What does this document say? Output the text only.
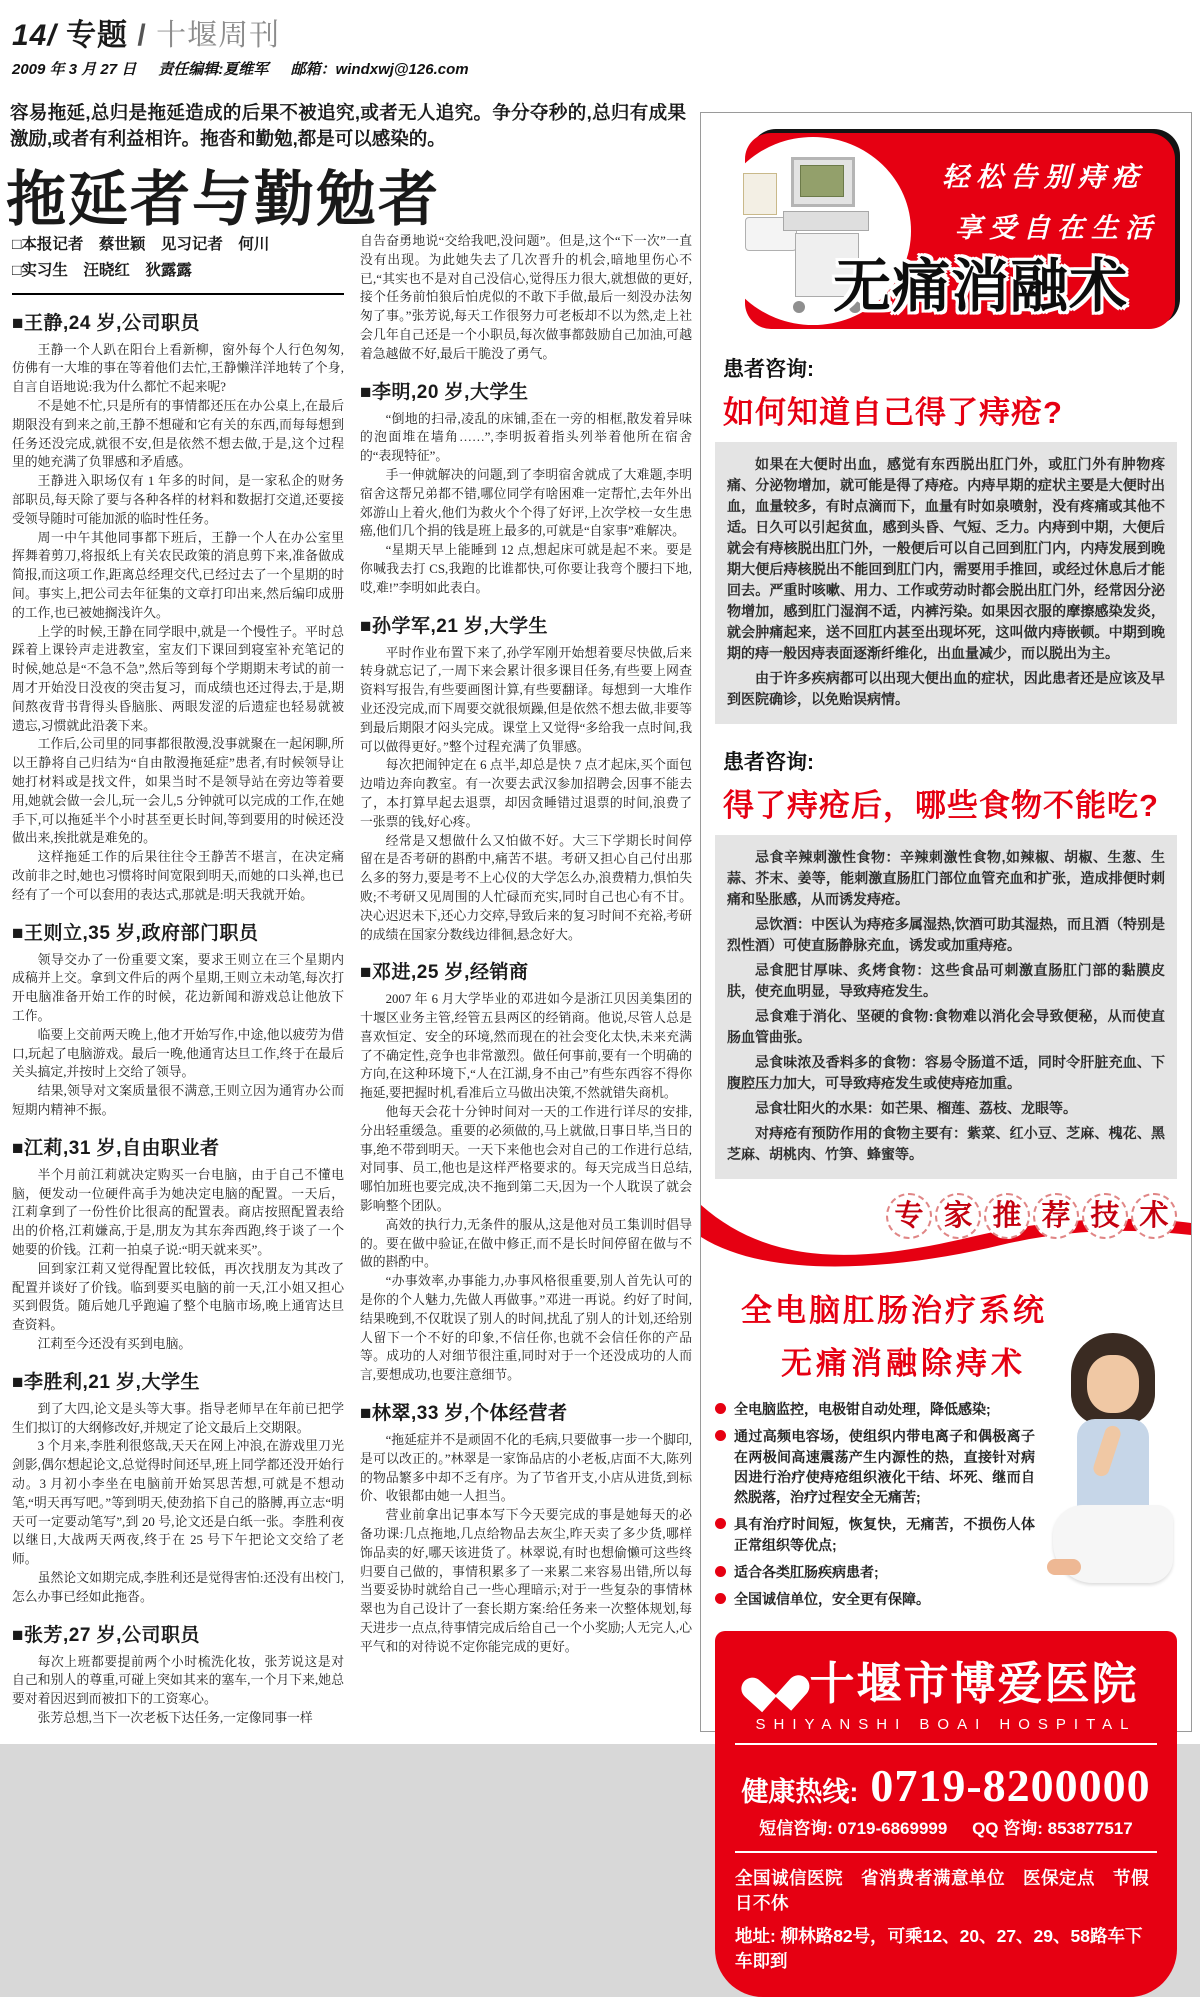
14/ 专题 / 十堰周刊
2009 年 3 月 27 日 责任编辑:夏维军 邮箱：windxwj@126.com
容易拖延,总归是拖延造成的后果不被追究,或者无人追究。争分夺秒的,总归有成果激励,或者有利益相许。拖沓和勤勉,都是可以感染的。
拖延者与勤勉者
□本报记者　蔡世颖　见习记者　何川
□实习生　汪晓红　狄露露
■王静,24 岁,公司职员
王静一个人趴在阳台上看新柳，窗外每个人行色匆匆,仿佛有一大堆的事在等着他们去忙,王静懒洋洋地转了个身,自言自语地说:我为什么都忙不起来呢?
不是她不忙,只是所有的事情都还压在办公桌上,在最后期限没有到来之前,王静不想碰和它有关的东西,而每每想到任务还没完成,就很不安,但是依然不想去做,于是,这个过程里的她充满了负罪感和矛盾感。
王静进入职场仅有 1 年多的时间，是一家私企的财务部职员,每天除了要与各种各样的材料和数据打交道,还要接受领导随时可能加派的临时性任务。
周一中午其他同事都下班后，王静一个人在办公室里挥舞着剪刀,将报纸上有关农民政策的消息剪下来,准备做成简报,而这项工作,距离总经理交代,已经过去了一个星期的时间。事实上,把公司去年征集的文章打印出来,然后编印成册的工作,也已被她搁浅许久。
上学的时候,王静在同学眼中,就是一个慢性子。平时总踩着上课铃声走进教室，室友们下课回到寝室补充笔记的时候,她总是“不急不急”,然后等到每个学期期末考试的前一周才开始没日没夜的突击复习，而成绩也还过得去,于是,期间熬夜背书背得头昏脑胀、两眼发涩的后遗症也轻易就被遗忘,习惯就此沿袭下来。
工作后,公司里的同事都很散漫,没事就聚在一起闲聊,所以王静将自己归结为“自由散漫拖延症”患者,有时候领导让她打材料或是找文件，如果当时不是领导站在旁边等着要用,她就会做一会儿,玩一会儿,5 分钟就可以完成的工作,在她手下,可以拖延半个小时甚至更长时间,等到要用的时候还没做出来,挨批就是难免的。
这样拖延工作的后果往往令王静苦不堪言，在决定痛改前非之时,她也习惯将时间宽限到明天,而她的口头禅,也已经有了一个可以套用的表达式,那就是:明天我就开始。
■王则立,35 岁,政府部门职员
领导交办了一份重要文案，要求王则立在三个星期内成稿并上交。拿到文件后的两个星期,王则立未动笔,每次打开电脑准备开始工作的时候，花边新闻和游戏总让他放下工作。
临要上交前两天晚上,他才开始写作,中途,他以疲劳为借口,玩起了电脑游戏。最后一晚,他通宵达旦工作,终于在最后关头搞定,并按时上交给了领导。
结果,领导对文案质量很不满意,王则立因为通宵办公而短期内精神不振。
■江莉,31 岁,自由职业者
半个月前江莉就决定购买一台电脑，由于自己不懂电脑，便发动一位硬件高手为她决定电脑的配置。一天后，江莉拿到了一份性价比很高的配置表。商店按照配置表给出的价格,江莉嫌高,于是,朋友为其东奔西跑,终于谈了一个她要的价钱。江莉一拍桌子说:“明天就来买”。
回到家江莉又觉得配置比较低，再次找朋友为其改了配置并谈好了价钱。临到要买电脑的前一天,江小姐又担心买到假货。随后她几乎跑遍了整个电脑市场,晚上通宵达旦查资料。
江莉至今还没有买到电脑。
■李胜利,21 岁,大学生
到了大四,论文是头等大事。指导老师早在年前已把学生们拟订的大纲修改好,并规定了论文最后上交期限。
3 个月来,李胜利很悠哉,天天在网上冲浪,在游戏里刀光剑影,偶尔想起论文,总觉得时间还早,班上同学都还没开始行动。3 月初小李坐在电脑前开始冥思苦想,可就是不想动笔,“明天再写吧。”等到明天,使劲掐下自己的胳膊,再立志“明天可一定要动笔写”,到 20 号,论文还是白纸一张。李胜利夜以继日,大战两天两夜,终于在 25 号下午把论文交给了老师。
虽然论文如期完成,李胜利还是觉得害怕:还没有出校门,怎么办事已经如此拖沓。
■张芳,27 岁,公司职员
每次上班都要提前两个小时梳洗化妆，张芳说这是对自己和别人的尊重,可碰上突如其来的塞车,一个月下来,她总要对着因迟到而被扣下的工资寒心。
张芳总想,当下一次老板下达任务,一定像同事一样
自告奋勇地说“交给我吧,没问题”。但是,这个“下一次”一直没有出现。为此她失去了几次晋升的机会,暗地里伤心不已,“其实也不是对自己没信心,觉得压力很大,就想做的更好,接个任务前怕狼后怕虎似的不敢下手做,最后一刻没办法匆匆了事。”张芳说,每天工作很努力可老板却不以为然,走上社会几年自己还是一个小职员,每次做事都鼓励自己加油,可越着急越做不好,最后干脆没了勇气。
■李明,20 岁,大学生
“倒地的扫帚,凌乱的床铺,歪在一旁的相框,散发着异味的泡面堆在墙角……”,李明扳着指头列举着他所在宿舍的“表现特征”。
手一伸就解决的问题,到了李明宿舍就成了大难题,李明宿舍这帮兄弟都不错,哪位同学有啥困难一定帮忙,去年外出郊游山上着火,他们为救火个个得了好评,上次学校一女生患癌,他们几个捐的钱是班上最多的,可就是“自家事”难解决。
“星期天早上能睡到 12 点,想起床可就是起不来。要是你喊我去打 CS,我跑的比谁都快,可你要让我弯个腰扫下地,哎,难!”李明如此表白。
■孙学军,21 岁,大学生
平时作业布置下来了,孙学军刚开始想着要尽快做,后来转身就忘记了,一周下来会累计很多课目任务,有些要上网查资料写报告,有些要画图计算,有些要翻译。每想到一大堆作业还没完成,而下周要交就很烦躁,但是依然不想去做,非要等到最后期限才闷头完成。课堂上又觉得“多给我一点时间,我可以做得更好。”整个过程充满了负罪感。
每次把闹钟定在 6 点半,却总是快 7 点才起床,买个面包边啃边奔向教室。有一次要去武汉参加招聘会,因事不能去了，本打算早起去退票，却因贪睡错过退票的时间,浪费了一张票的钱,好心疼。
经常是又想做什么又怕做不好。大三下学期长时间停留在是否考研的斟酌中,痛苦不堪。考研又担心自己付出那么多的努力,要是考不上心仪的大学怎么办,浪费精力,惧怕失败;不考研又见周围的人忙碌而充实,同时自己也心有不甘。决心迟迟未下,还心力交瘁,导致后来的复习时间不充裕,考研的成绩在国家分数线边徘徊,悬念好大。
■邓进,25 岁,经销商
2007 年 6 月大学毕业的邓进如今是浙江贝因美集团的十堰区业务主管,经管五县两区的经销商。他说,尽管人总是喜欢恒定、安全的环境,然而现在的社会变化太快,未来充满了不确定性,竞争也非常激烈。做任何事前,要有一个明确的方向,在这种环境下,“人在江湖,身不由己”有些东西容不得你拖延,要把握时机,看准后立马做出决策,不然就错失商机。
他每天会花十分钟时间对一天的工作进行详尽的安排,分出轻重缓急。重要的必须做的,马上就做,日事日毕,当日的事,绝不带到明天。一天下来他也会对自己的工作进行总结,对同事、员工,他也是这样严格要求的。每天完成当日总结,哪怕加班也要完成,决不拖到第二天,因为一个人耽误了就会影响整个团队。
高效的执行力,无条件的服从,这是他对员工集训时倡导的。要在做中验证,在做中修正,而不是长时间停留在做与不做的斟酌中。
“办事效率,办事能力,办事风格很重要,别人首先认可的是你的个人魅力,先做人再做事。”邓进一再说。约好了时间,结果晚到,不仅耽误了别人的时间,扰乱了别人的计划,还给别人留下一个不好的印象,不信任你,也就不会信任你的产品等。成功的人对细节很注重,同时对于一个还没成功的人而言,要想成功,也要注意细节。
■林翠,33 岁,个体经营者
“拖延症并不是顽固不化的毛病,只要做事一步一个脚印,是可以改正的。”林翠是一家饰品店的小老板,店面不大,陈列的物品繁多中却不乏有序。为了节省开支,小店从进货,到标价、收银都由她一人担当。
营业前拿出记事本写下今天要完成的事是她每天的必备功课:几点拖地,几点给物品去灰尘,昨天卖了多少货,哪样饰品卖的好,哪天该进货了。林翠说,有时也想偷懒可这些终归要自己做的，事情积累多了一来累二来容易出错,所以每当要妥协时就给自己一些心理暗示;对于一些复杂的事情林翠也为自己设计了一套长期方案:给任务来一次整体规划,每天进步一点点,待事情完成后给自己一个小奖励;人无完人,心平气和的对待说不定你能完成的更好。
轻松告别痔疮
享受自在生活
无痛消融术
患者咨询:
如何知道自己得了痔疮?

如果在大便时出血，感觉有东西脱出肛门外，或肛门外有肿物疼痛、分泌物增加，就可能是得了痔疮。内痔早期的症状主要是大便时出血，血量较多，有时点滴而下，血量有时如泉喷射，没有疼痛或其他不适。日久可以引起贫血，感到头昏、气短、乏力。内痔到中期，大便后就会有痔核脱出肛门外，一般便后可以自己回到肛门内，内痔发展到晚期大便后痔核脱出不能回到肛门内，需要用手推回，或经过休息后才能回去。严重时咳嗽、用力、工作或劳动时都会脱出肛门外，经常因分泌物增加，感到肛门湿润不适，内裤污染。如果因衣服的摩擦感染发炎，就会肿痛起来，送不回肛内甚至出现坏死，这叫做内痔嵌顿。中期到晚期的痔一般因痔表面逐渐纤维化，出血量减少，而以脱出为主。

由于许多疾病都可以出现大便出血的症状，因此患者还是应该及早到医院确诊，以免贻误病情。

患者咨询:
得了痔疮后，哪些食物不能吃?

忌食辛辣刺激性食物：辛辣刺激性食物,如辣椒、胡椒、生葱、生蒜、芥末、姜等，能刺激直肠肛门部位血管充血和扩张，造成排便时刺痛和坠胀感，从而诱发痔疮。

忌饮酒：中医认为痔疮多属湿热,饮酒可助其湿热，而且酒（特别是烈性酒）可使直肠静脉充血，诱发或加重痔疮。

忌食肥甘厚味、炙烤食物：这些食品可刺激直肠肛门部的黏膜皮肤，使充血明显，导致痔疮发生。

忌食难于消化、坚硬的食物:食物难以消化会导致便秘，从而使直肠血管曲张。

忌食味浓及香料多的食物：容易令肠道不适，同时令肝脏充血、下腹腔压力加大，可导致痔疮发生或使痔疮加重。

忌食壮阳火的水果：如芒果、榴莲、荔枝、龙眼等。

对痔疮有预防作用的食物主要有：紫菜、红小豆、芝麻、槐花、黑芝麻、胡桃肉、竹笋、蜂蜜等。

专 家 推 荐 技 术
全电脑肛肠治疗系统
无痛消融除痔术
全电脑监控，电极钳自动处理，降低感染;
通过高频电容场，使组织内带电离子和偶极离子在两极间高速震荡产生内源性的热，直接针对病因进行治疗使痔疮组织液化干结、坏死、继而自然脱落，治疗过程安全无痛苦;
具有治疗时间短，恢复快，无痛苦，不损伤人体正常组织等优点;
适合各类肛肠疾病患者;
全国诚信单位，安全更有保障。
十堰市博爱医院
SHIYANSHI BOAI HOSPITAL
健康热线: 0719-8200000
短信咨询: 0719-6869999 QQ 咨询: 853877517
全国诚信医院　省消费者满意单位　医保定点　节假日不休
地址: 柳林路82号，可乘12、20、27、29、58路车下车即到
